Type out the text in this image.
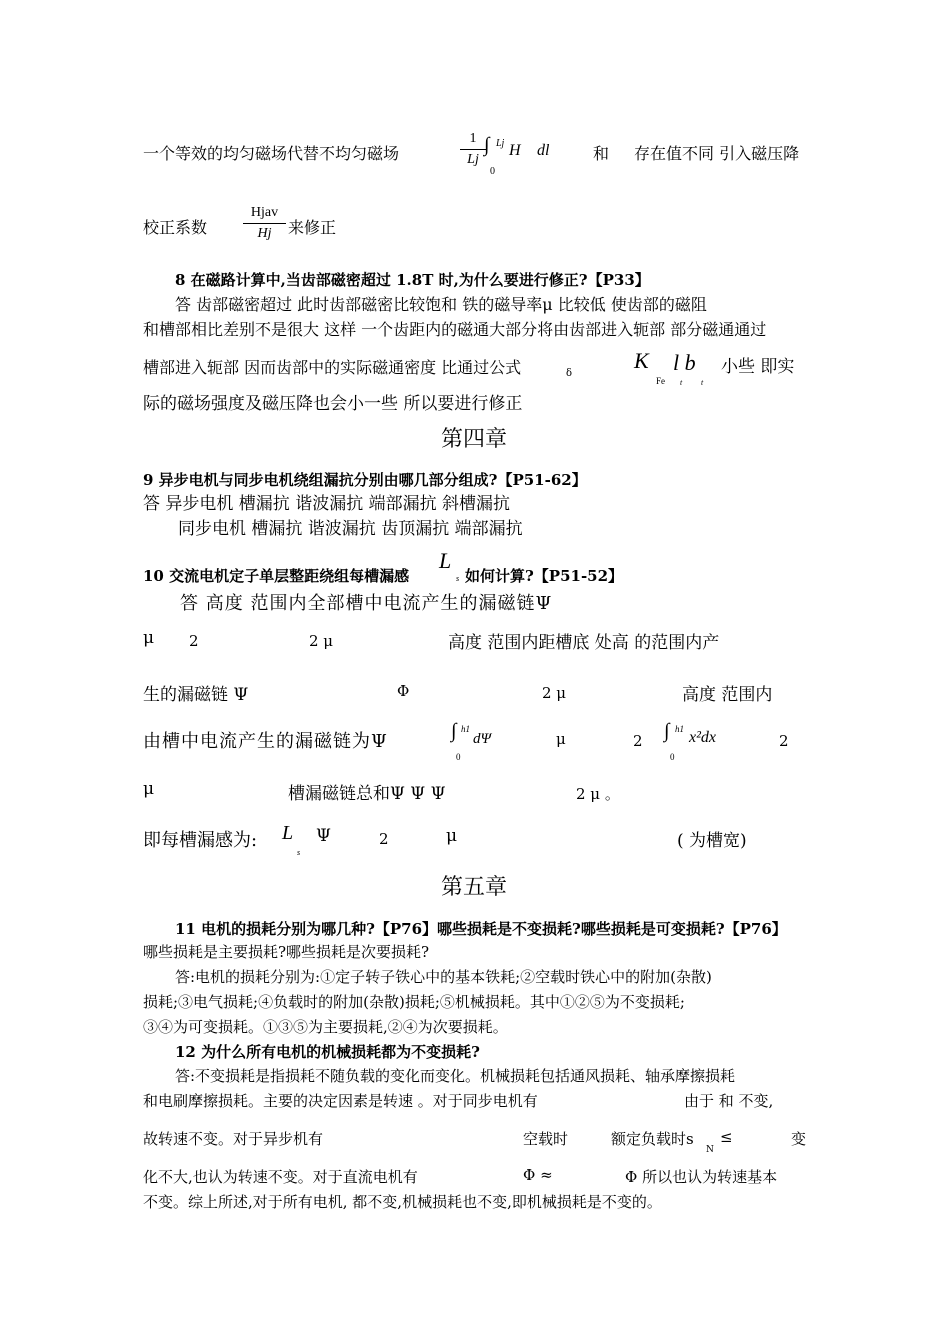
一个等效的均匀磁场代替不均匀磁场
1
Lj
∫ Lj
0
H⃗ dl⃗ 和 存在值不同 引入磁压降
校正系数
Hjav
Hj	来修正
8 在磁路计算中,当齿部磁密超过 1.8T 时,为什么要进行修正?【P33】
答 齿部磁密超过 此时齿部磁密比较饱和 铁的磁导率μ 比较低 使齿部的磁阻
和槽部相比差别不是很大 这样 一个齿距内的磁通大部分将由齿部进入轭部 部分磁通通过
槽部进入轭部 因而齿部中的实际磁通密度 比通过公式	δ
K
Fe
l b
t t
小些 即实
际的磁场强度及磁压降也会小一些 所以要进行修正
第四章
9 异步电机与同步电机绕组漏抗分别由哪几部分组成?【P51-62】
答 异步电机 槽漏抗 谐波漏抗 端部漏抗 斜槽漏抗
同步电机 槽漏抗 谐波漏抗 齿顶漏抗 端部漏抗
10 交流电机定子单层整距绕组每槽漏感
L
s 如何计算?【P51-52】
答 高度 范围内全部槽中电流产生的漏磁链Ψ
μ 2	2 μ	高度 范围内距槽底 处高 的范围内产
生的漏磁链 Ψ	Φ	2 μ	高度 范围内
由槽中电流产生的漏磁链为Ψ	∫ h1
0
dΨ	μ	2 ∫ h1
0
x²dx	2
μ	槽漏磁链总和Ψ Ψ Ψ	2 μ 。
即每槽漏感为: L
s
Ψ	2	μ	( 为槽宽)
第五章
11 电机的损耗分别为哪几种?【P76】哪些损耗是不变损耗?哪些损耗是可变损耗?【P76】
哪些损耗是主要损耗?哪些损耗是次要损耗?
答:电机的损耗分别为:①定子转子铁心中的基本铁耗;②空载时铁心中的附加(杂散)
损耗;③电气损耗;④负载时的附加(杂散)损耗;⑤机械损耗。其中①②⑤为不变损耗;
③④为可变损耗。①③⑤为主要损耗,②④为次要损耗。
12 为什么所有电机的机械损耗都为不变损耗?
答:不变损耗是指损耗不随负载的变化而变化。机械损耗包括通风损耗、轴承摩擦损耗
和电刷摩擦损耗。主要的决定因素是转速 。对于同步电机有	由于 和 不变,
故转速不变。对于异步机有	空载时	额定负载时s
N
≤	变
化不大,也认为转速不变。对于直流电机有	Φ ≈	Φ 所以也认为转速基本
不变。综上所述,对于所有电机, 都不变,机械损耗也不变,即机械损耗是不变的。
